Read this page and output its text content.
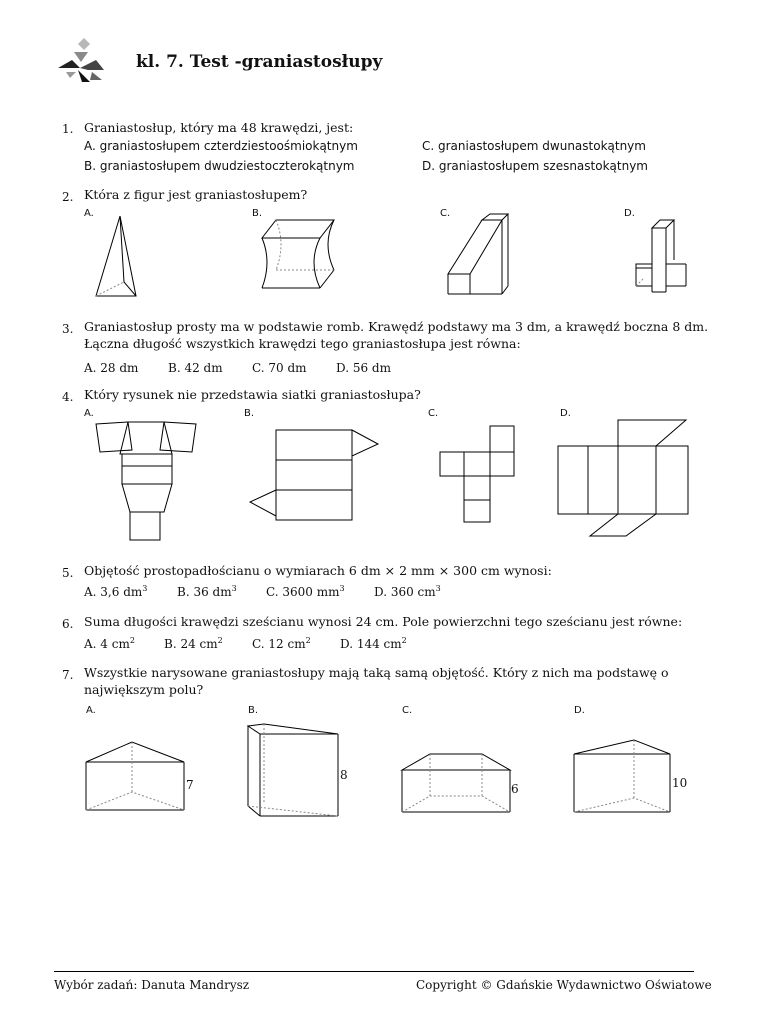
kl. 7. Test -graniastosłupy
1. Graniastosłup, który ma 48 krawędzi, jest:
A. graniastosłupem czterdziestoośmiokątnym
B. graniastosłupem dwudziestoczterokątnym
C. graniastosłupem dwunastokątnym
D. graniastosłupem szesnastokątnym
2. Która z figur jest graniastosłupem?
A.	B.	C.	D.
3. Graniastosłup prosty ma w podstawie romb. Krawędź podstawy ma 3 dm, a krawędź boczna 8 dm. Łączna długość wszystkich krawędzi tego graniastosłupa jest równa:
A. 28 dm B. 42 dm C. 70 dm D. 56 dm
4. Który rysunek nie przedstawia siatki graniastosłupa?
A.	B.	C.	D.
5. Objętość prostopadłościanu o wymiarach 6 dm × 2 mm × 300 cm wynosi:
A. 3,6 $dm^3$ B. 36 $dm^3$ C. 3600 $mm^3$ D. 360 $cm^3$
6. Suma długości krawędzi sześcianu wynosi 24 cm. Pole powierzchni tego sześcianu jest równe:
A. 4 $cm^2$ B. 24 $cm^2$ C. 12 $cm^2$ D. 144 $cm^2$
7. Wszystkie narysowane graniastosłupy mają taką samą objętość. Który z nich ma podstawę o największym polu?
A.	B.	C.	D.
7
8
6	10
Wybór zadań: Danuta Mandrysz	Copyright © Gdańskie Wydawnictwo Oświatowe
